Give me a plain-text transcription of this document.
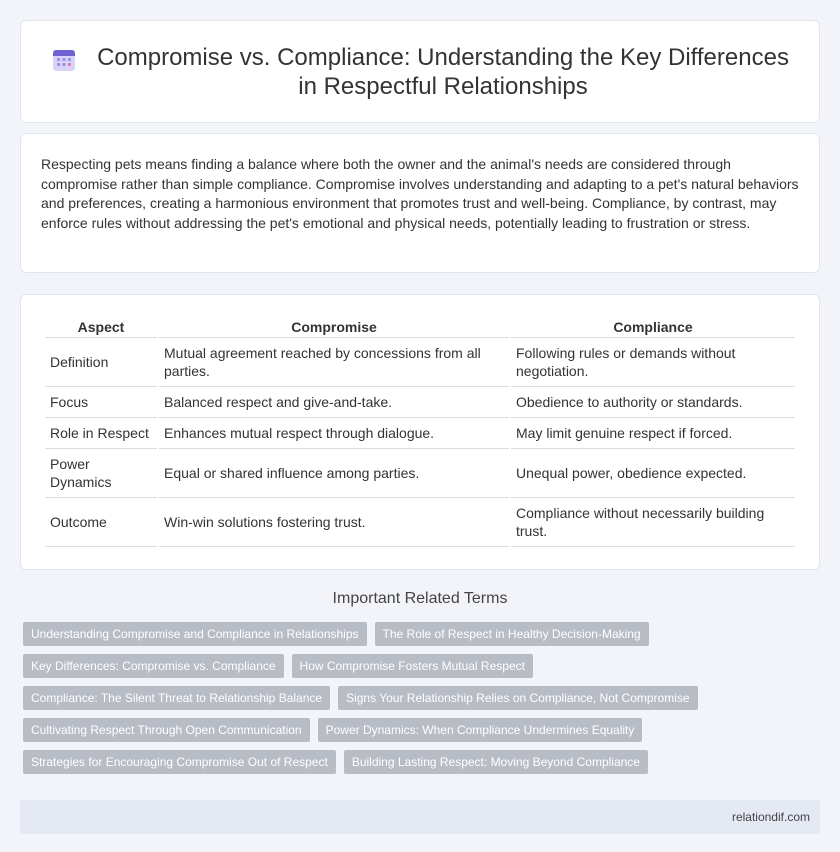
Compromise vs. Compliance: Understanding the Key Differences in Respectful Relationships

Respecting pets means finding a balance where both the owner and the animal's needs are considered through compromise rather than simple compliance. Compromise involves understanding and adapting to a pet's natural behaviors and preferences, creating a harmonious environment that promotes trust and well-being. Compliance, by contrast, may enforce rules without addressing the pet's emotional and physical needs, potentially leading to frustration or stress.

Aspect	Compromise	Compliance
Definition	Mutual agreement reached by concessions from all parties.	Following rules or demands without negotiation.
Focus	Balanced respect and give-and-take.	Obedience to authority or standards.
Role in Respect	Enhances mutual respect through dialogue.	May limit genuine respect if forced.
Power Dynamics	Equal or shared influence among parties.	Unequal power, obedience expected.
Outcome	Win-win solutions fostering trust.	Compliance without necessarily building trust.
Important Related Terms
Understanding Compromise and Compliance in Relationships	The Role of Respect in Healthy Decision-Making
Key Differences: Compromise vs. Compliance	How Compromise Fosters Mutual Respect
Compliance: The Silent Threat to Relationship Balance	Signs Your Relationship Relies on Compliance, Not Compromise
Cultivating Respect Through Open Communication	Power Dynamics: When Compliance Undermines Equality
Strategies for Encouraging Compromise Out of Respect	Building Lasting Respect: Moving Beyond Compliance
relationdif.com
